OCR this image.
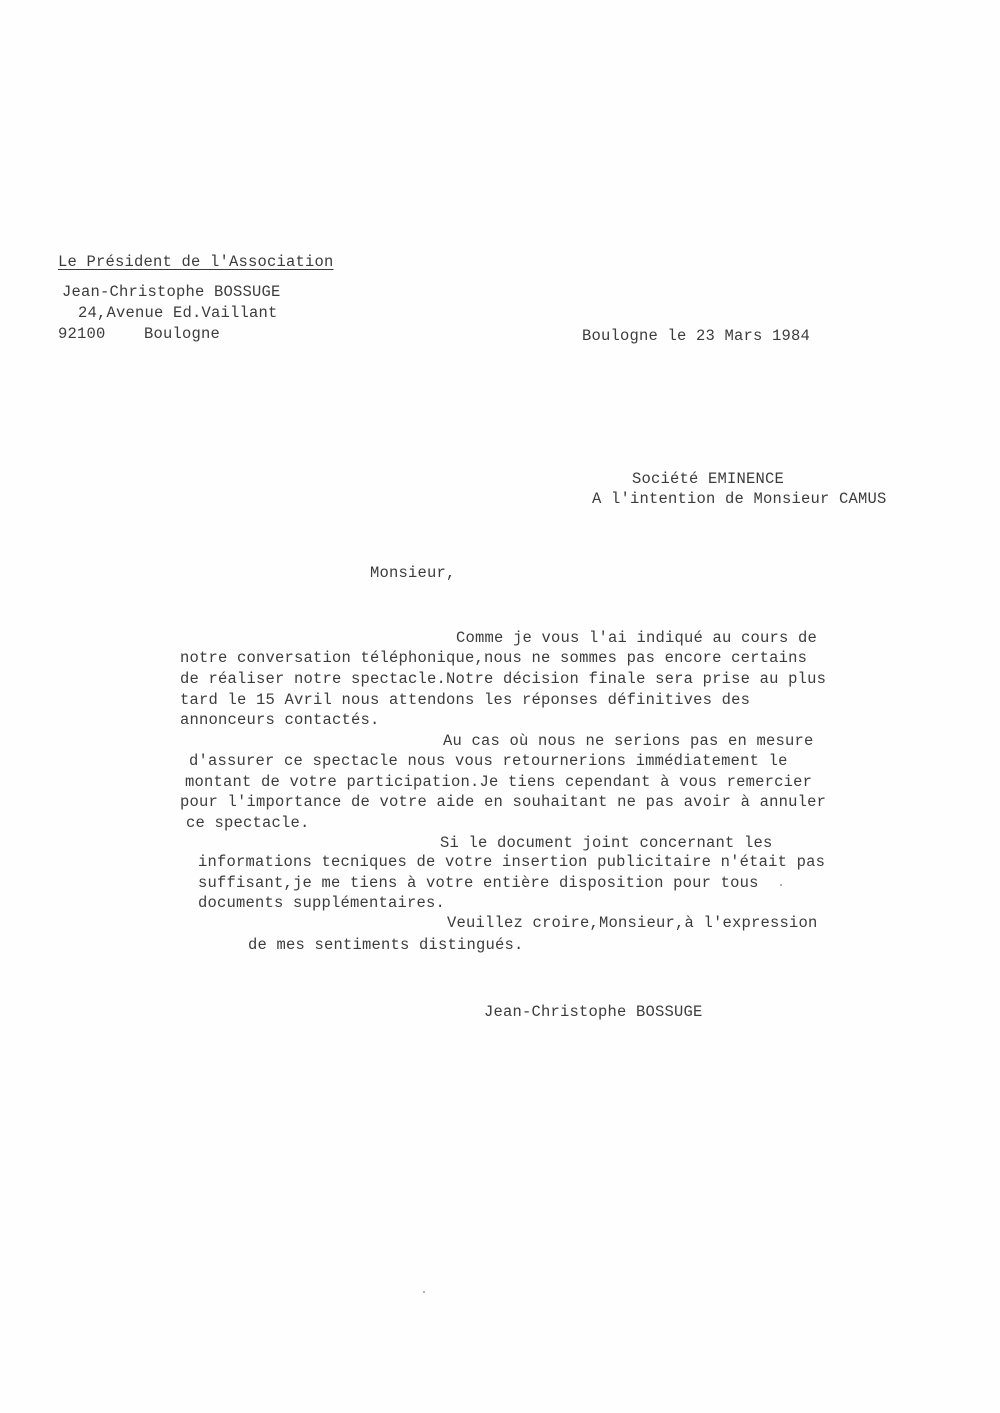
Le Président de l'Association
Jean-Christophe BOSSUGE
24,Avenue Ed.Vaillant
92100 Boulogne	Boulogne le 23 Mars 1984
Société EMINENCE
A l'intention de Monsieur CAMUS
Monsieur,
Comme je vous l'ai indiqué au cours de
notre conversation téléphonique,nous ne sommes pas encore certains
de réaliser notre spectacle.Notre décision finale sera prise au plus
tard le 15 Avril nous attendons les réponses définitives des
annonceurs contactés.
Au cas où nous ne serions pas en mesure
d'assurer ce spectacle nous vous retournerions immédiatement le
montant de votre participation.Je tiens cependant à vous remercier
pour l'importance de votre aide en souhaitant ne pas avoir à annuler
ce spectacle.
Si le document joint concernant les
informations tecniques de votre insertion publicitaire n'était pas
suffisant,je me tiens à votre entière disposition pour tous
documents supplémentaires.
Veuillez croire,Monsieur,à l'expression
de mes sentiments distingués.
Jean-Christophe BOSSUGE
